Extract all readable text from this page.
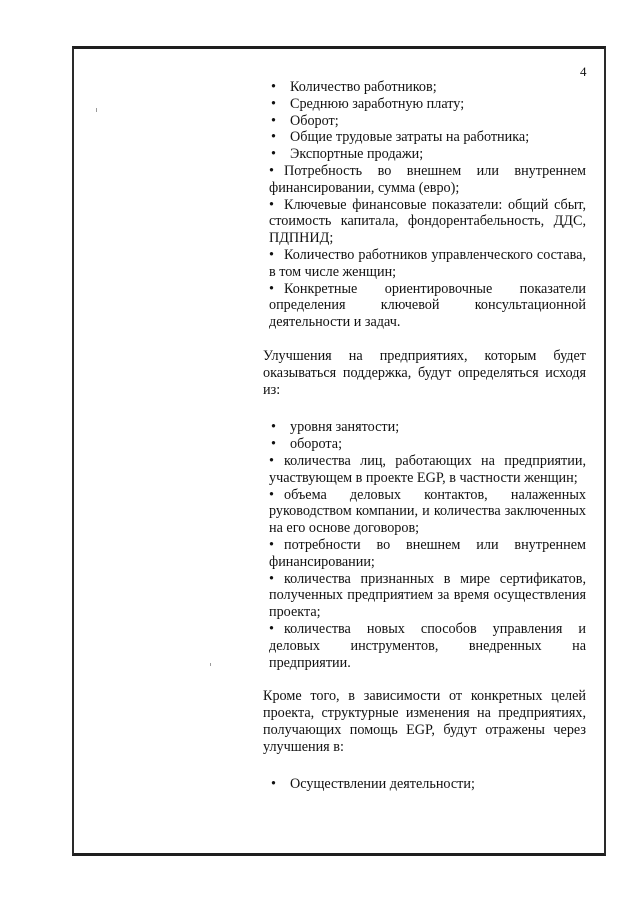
4

• Количество работников;

• Среднюю заработную плату;

• Оборот;

• Общие трудовые затраты на работника;

• Экспортные продажи;

• Потребность во внешнем или внутреннем финансировании, сумма (евро);

• Ключевые финансовые показатели: общий сбыт, стоимость капитала, фондорентабельность, ДДС, ПДПНИД;

• Количество работников управленческого состава, в том числе женщин;

• Конкретные ориентировочные показатели определения ключевой консультационной деятельности и задач.

Улучшения на предприятиях, которым будет оказываться поддержка, будут определяться исходя из:

• уровня занятости;

• оборота;

• количества лиц, работающих на предприятии, участвующем в проекте EGP, в частности женщин;

• объема деловых контактов, налаженных руководством компании, и количества заключенных на его основе договоров;

• потребности во внешнем или внутреннем финансировании;

• количества признанных в мире сертификатов, полученных предприятием за время осуществления проекта;

• количества новых способов управления и деловых инструментов, внедренных на предприятии.

Кроме того, в зависимости от конкретных целей проекта, структурные изменения на предприятиях, получающих помощь EGP, будут отражены через улучшения в:

• Осуществлении деятельности;
